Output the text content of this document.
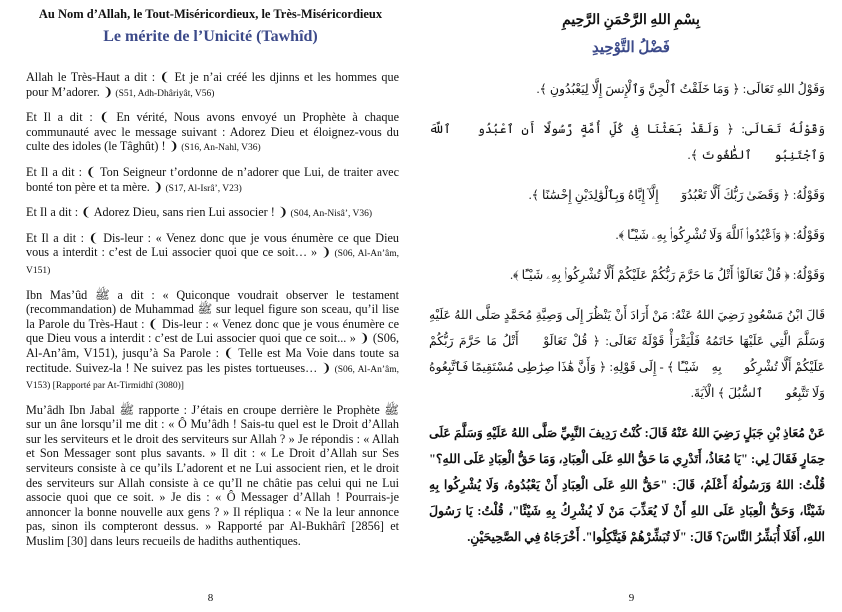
Au Nom d’Allah, le Tout-Miséricordieux, le Très-Miséricordieux
Le mérite de l’Unicité (Tawhîd)

Allah le Très-Haut a dit : ❨ Et je n’ai créé les djinns et les hommes que pour M’adorer. ❩ (S51, Adh-Dhâriyât, V56)

Et Il a dit : ❨ En vérité, Nous avons envoyé un Prophète à chaque communauté avec le message suivant : Adorez Dieu et éloignez-vous du culte des idoles (le Tâghût) ! ❩ (S16, An-Nahl, V36)

Et Il a dit : ❨ Ton Seigneur t’ordonne de n’adorer que Lui, de traiter avec bonté ton père et ta mère. ❩ (S17, Al-Isrâ’, V23)

Et Il a dit : ❨ Adorez Dieu, sans rien Lui associer ! ❩ (S04, An-Nisâ’, V36)

Et Il a dit : ❨ Dis-leur : « Venez donc que je vous énumère ce que Dieu vous a interdit : c’est de Lui associer quoi que ce soit… » ❩ (S06, Al-An’âm, V151)

Ibn Mas’ûd ﷺ a dit : « Quiconque voudrait observer le testament (recommandation) de Muhammad ﷺ sur lequel figure son sceau, qu’il lise la Parole du Très-Haut : ❨ Dis-leur : « Venez donc que je vous énumère ce que Dieu vous a interdit : c’est de Lui associer quoi que ce soit... » ❩ (S06, Al-An’âm, V151), jusqu’à Sa Parole : ❨ Telle est Ma Voie dans toute sa rectitude. Suivez-la ! Ne suivez pas les pistes tortueuses… ❩ (S06, Al-An’âm, V153) [Rapporté par At-Tirmidhî (3080)]

Mu’âdh Ibn Jabal ﷺ rapporte : J’étais en croupe derrière le Prophète ﷺ sur un âne lorsqu’il me dit : « Ô Mu’âdh ! Sais-tu quel est le Droit d’Allah sur les serviteurs et le droit des serviteurs sur Allah ? » Je répondis : « Allah et Son Messager sont plus savants. » Il dit : « Le Droit d’Allah sur Ses serviteurs consiste à ce qu’ils L’adorent et ne Lui associent rien, et le droit des serviteurs sur Allah consiste à ce qu’Il ne châtie pas celui qui ne Lui associe quoi que ce soit. » Je dis : « Ô Messager d’Allah ! Pourrais-je annoncer la bonne nouvelle aux gens ? » Il répliqua : « Ne la leur annonce pas, sinon ils compteront dessus. » Rapporté par Al-Bukhârî [2856] et Muslim [30] dans leurs recueils de hadiths authentiques.

8
بِسْمِ اللهِ الرَّحْمَنِ الرَّحِيمِ
فَضْلُ التَّوْحِيدِ

وَقَوْلُ اللهِ تَعَالَى: ﴿ وَمَا خَلَقْتُ ٱلْجِنَّ وَٱلْإِنسَ إِلَّا لِيَعْبُدُونِ ﴾.

وَقَوْلُهُ تَعَالَى: ﴿ وَلَقَدْ بَعَثْنَا فِى كُلِّ أُمَّةٍ رَّسُولًا أَنِ ٱعْبُدُوا۟ ٱللَّهَ وَٱجْتَنِبُوا۟ ٱلطَّٰغُوتَ ﴾.

وَقَوْلُهُ: ﴿ وَقَضَىٰ رَبُّكَ أَلَّا تَعْبُدُوٓا۟ إِلَّآ إِيَّاهُ وَبِٱلْوَٰلِدَيْنِ إِحْسَٰنًا ﴾.

وَقَوْلُهُ: ﴿ وَٱعْبُدُوا۟ ٱللَّهَ وَلَا تُشْرِكُوا۟ بِهِۦ شَيْـًٔا ﴾.

وَقَوْلُهُ: ﴿ قُلْ تَعَالَوْا۟ أَتْلُ مَا حَرَّمَ رَبُّكُمْ عَلَيْكُمْ أَلَّا تُشْرِكُوا۟ بِهِۦ شَيْـًٔا ﴾.

قَالَ ابْنُ مَسْعُودٍ رَضِيَ اللهُ عَنْهُ: مَنْ أَرَادَ أَنْ يَنْظُرَ إِلَى وَصِيَّةِ مُحَمَّدٍ صَلَّى اللهُ عَلَيْهِ وَسَلَّمَ الَّتِي عَلَيْهَا خَاتَمُهُ فَلْيَقْرَأْ قَوْلَهُ تَعَالَى: ﴿ قُلْ تَعَالَوْا۟ أَتْلُ مَا حَرَّمَ رَبُّكُمْ عَلَيْكُمْ أَلَّا تُشْرِكُوا۟ بِهِۦ شَيْـًٔا ﴾ - إِلَى قَوْلِهِ: ﴿ وَأَنَّ هَٰذَا صِرَٰطِى مُسْتَقِيمًا فَٱتَّبِعُوهُ وَلَا تَتَّبِعُوا۟ ٱلسُّبُلَ ﴾ الْآيَةَ.

عَنْ مُعَاذِ بْنِ جَبَلٍ رَضِيَ اللهُ عَنْهُ قَالَ: كُنْتُ رَدِيفَ النَّبِيِّ صَلَّى اللهُ عَلَيْهِ وَسَلَّمَ عَلَى حِمَارٍ فَقَالَ لِي: "يَا مُعَاذُ، أَتَدْرِي مَا حَقُّ اللهِ عَلَى الْعِبَادِ، وَمَا حَقُّ الْعِبَادِ عَلَى اللهِ؟" قُلْتُ: اللهُ وَرَسُولُهُ أَعْلَمُ، قَالَ: "حَقُّ اللهِ عَلَى الْعِبَادِ أَنْ يَعْبُدُوهُ، وَلَا يُشْرِكُوا بِهِ شَيْئًا، وَحَقُّ الْعِبَادِ عَلَى اللهِ أَنْ لَا يُعَذِّبَ مَنْ لَا يُشْرِكُ بِهِ شَيْئًا"، قُلْتُ: يَا رَسُولَ اللهِ، أَفَلَا أُبَشِّرُ النَّاسَ؟ قَالَ: "لَا تُبَشِّرْهُمْ فَيَتَّكِلُوا". أَخْرَجَاهُ فِي الصَّحِيحَيْنِ.

9
